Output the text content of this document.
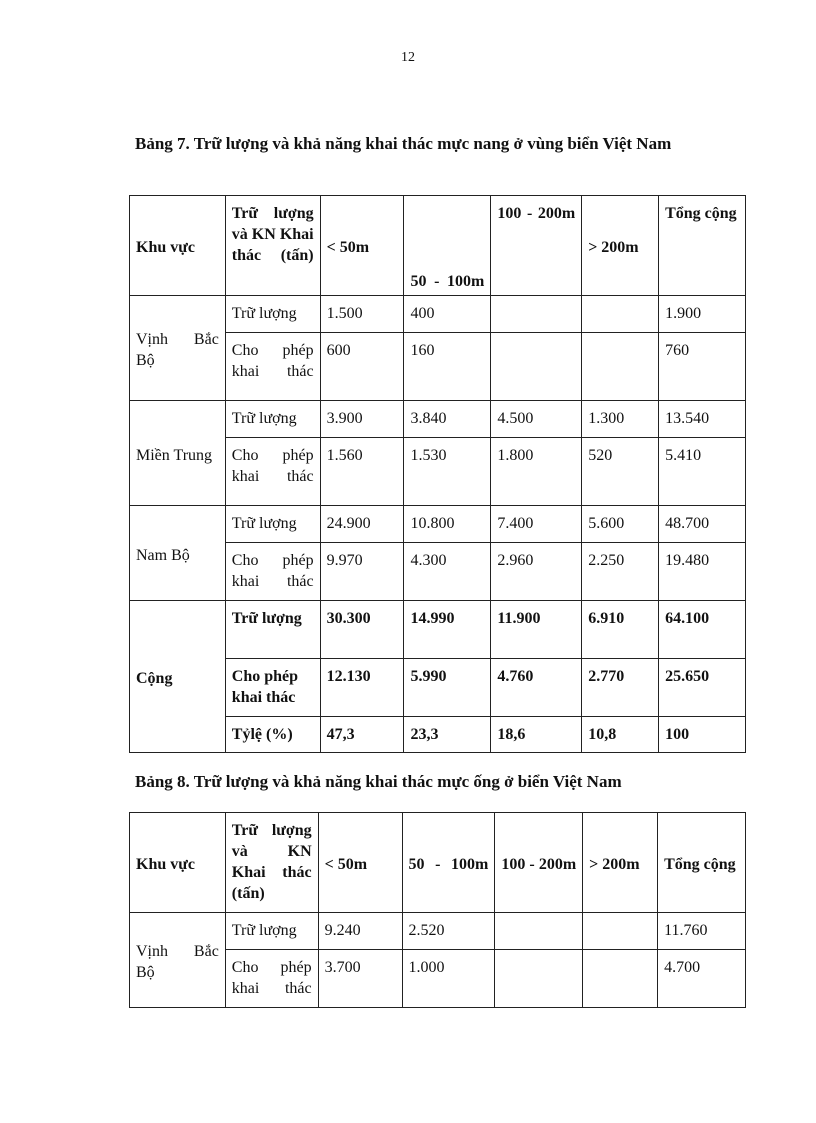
12
Bảng 7. Trữ lượng và khả năng khai thác mực nang ở vùng biển Việt Nam
Khu vực	Trữ lượng và KN Khai thác (tấn)	< 50m	50 - 100m	100 - 200m	> 200m	Tổng cộng
Vịnh Bắc Bộ	Trữ lượng	1.500	400			1.900
	Cho phép khai thác	600	160			760
Miền Trung	Trữ lượng	3.900	3.840	4.500	1.300	13.540
	Cho phép khai thác	1.560	1.530	1.800	520	5.410
Nam Bộ	Trữ lượng	24.900	10.800	7.400	5.600	48.700
	Cho phép khai thác	9.970	4.300	2.960	2.250	19.480
Cộng	Trữ lượng	30.300	14.990	11.900	6.910	64.100
	Cho phép khai thác	12.130	5.990	4.760	2.770	25.650
	Tỷlệ (%)	47,3	23,3	18,6	10,8	100
Bảng 8. Trữ lượng và khả năng khai thác mực ống ở biển Việt Nam
Khu vực	Trữ lượng và KN Khai thác (tấn)	< 50m	50 - 100m	100 - 200m	> 200m	Tổng cộng
Vịnh Bắc Bộ	Trữ lượng	9.240	2.520			11.760
	Cho phép khai thác	3.700	1.000			4.700
